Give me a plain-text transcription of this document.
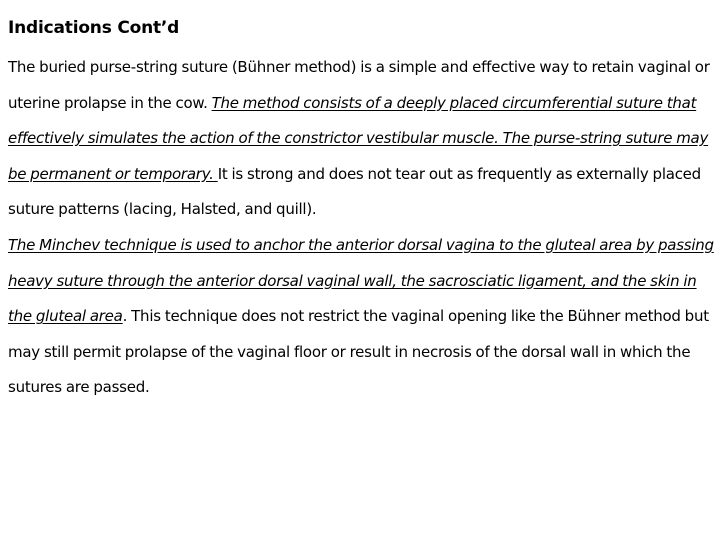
Indications Cont’d

The buried purse-string suture (Bühner method) is a simple and effective way to retain vaginal or uterine prolapse in the cow. The method consists of a deeply placed circumferential suture that effectively simulates the action of the constrictor vestibular muscle. The purse-string suture may be permanent or temporary. It is strong and does not tear out as frequently as externally placed suture patterns (lacing, Halsted, and quill).

The Minchev technique is used to anchor the anterior dorsal vagina to the gluteal area by passing heavy suture through the anterior dorsal vaginal wall, the sacrosciatic ligament, and the skin in the gluteal area. This technique does not restrict the vaginal opening like the Bühner method but may still permit prolapse of the vaginal floor or result in necrosis of the dorsal wall in which the sutures are passed.
